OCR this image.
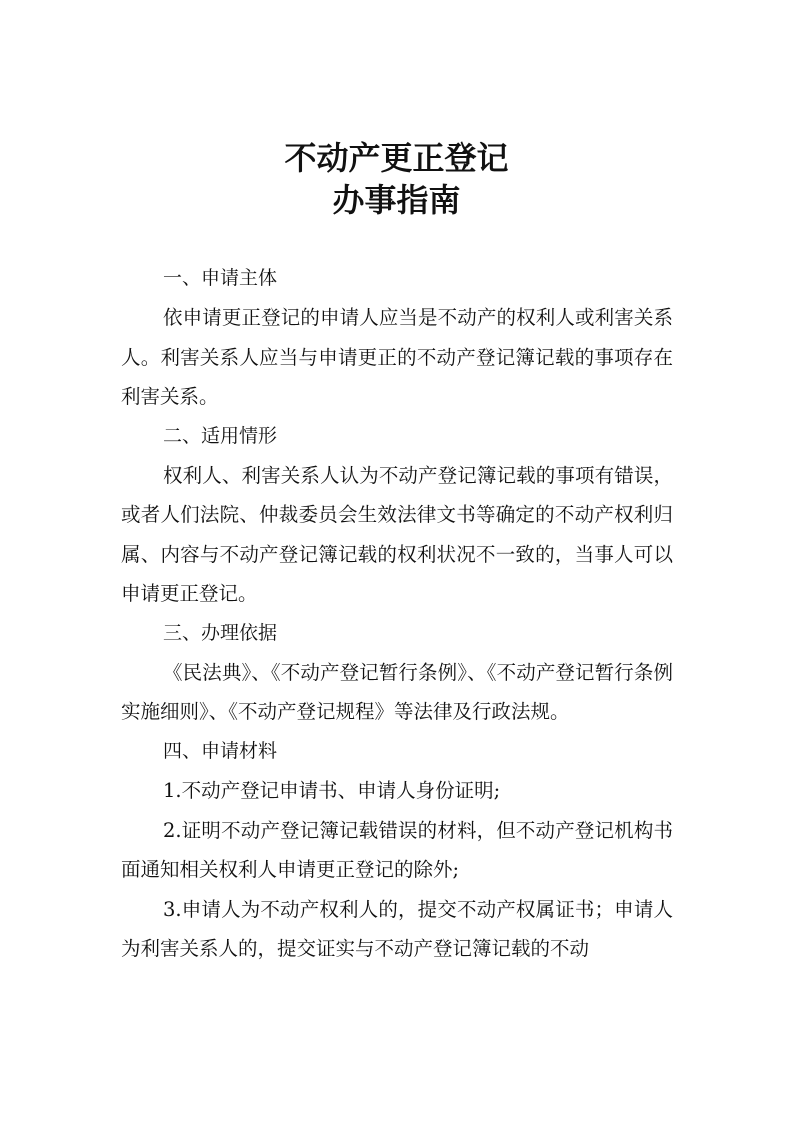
不动产更正登记
办事指南
一、申请主体

依申请更正登记的申请人应当是不动产的权利人或利害关系人。利害关系人应当与申请更正的不动产登记簿记载的事项存在利害关系。

二、适用情形

权利人、利害关系人认为不动产登记簿记载的事项有错误，或者人们法院、仲裁委员会生效法律文书等确定的不动产权利归属、内容与不动产登记簿记载的权利状况不一致的，当事人可以申请更正登记。

三、办理依据

《民法典》、《不动产登记暂行条例》、《不动产登记暂行条例实施细则》、《不动产登记规程》等法律及行政法规。

四、申请材料

1.不动产登记申请书、申请人身份证明;

2.证明不动产登记簿记载错误的材料，但不动产登记机构书面通知相关权利人申请更正登记的除外;

3.申请人为不动产权利人的，提交不动产权属证书；申请人为利害关系人的，提交证实与不动产登记簿记载的不动
